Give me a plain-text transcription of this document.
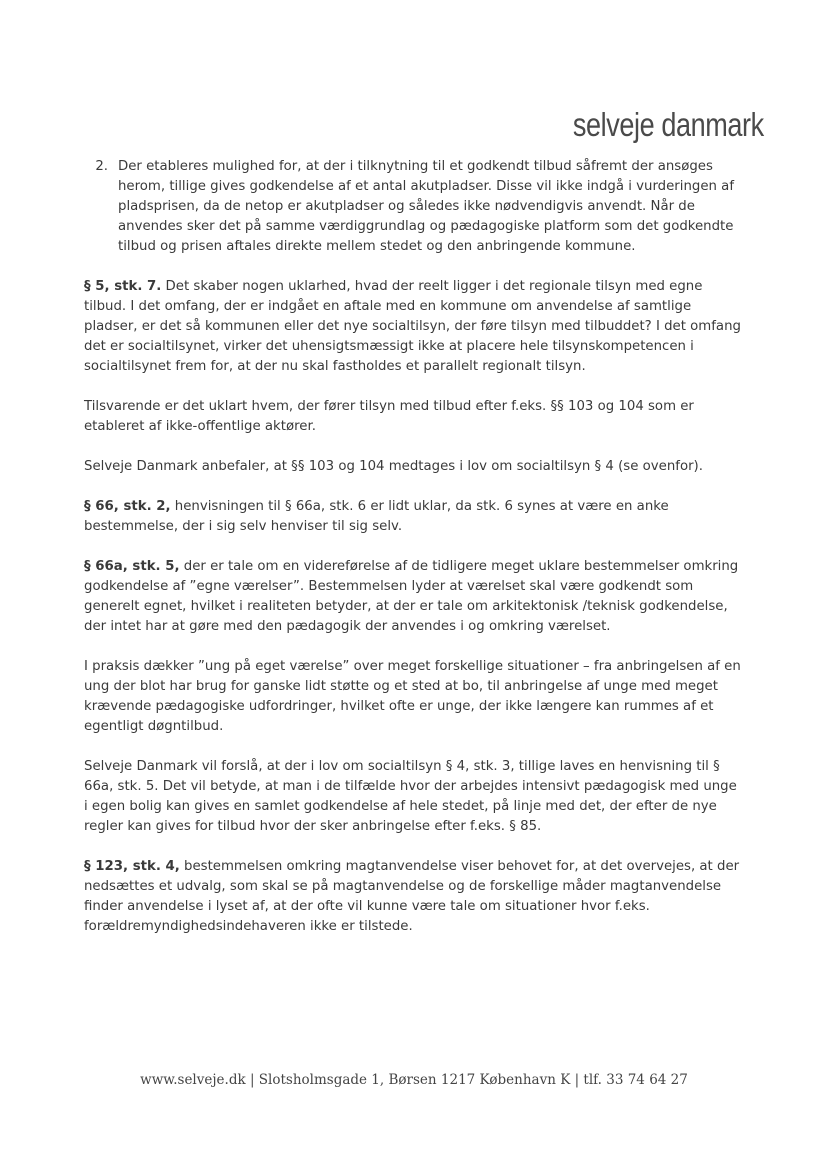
selveje danmark
2. Der etableres mulighed for, at der i tilknytning til et godkendt tilbud såfremt der ansøges herom, tillige gives godkendelse af et antal akutpladser. Disse vil ikke indgå i vurderingen af pladsprisen, da de netop er akutpladser og således ikke nødvendigvis anvendt. Når de anvendes sker det på samme værdiggrundlag og pædagogiske platform som det godkendte tilbud og prisen aftales direkte mellem stedet og den anbringende kommune.

§ 5, stk. 7. Det skaber nogen uklarhed, hvad der reelt ligger i det regionale tilsyn med egne tilbud. I det omfang, der er indgået en aftale med en kommune om anvendelse af samtlige pladser, er det så kommunen eller det nye socialtilsyn, der føre tilsyn med tilbuddet? I det omfang det er socialtilsynet, virker det uhensigtsmæssigt ikke at placere hele tilsynskompetencen i socialtilsynet frem for, at der nu skal fastholdes et parallelt regionalt tilsyn.

Tilsvarende er det uklart hvem, der fører tilsyn med tilbud efter f.eks. §§ 103 og 104 som er etableret af ikke-offentlige aktører.

Selveje Danmark anbefaler, at §§ 103 og 104 medtages i lov om socialtilsyn § 4 (se ovenfor).

§ 66, stk. 2, henvisningen til § 66a, stk. 6 er lidt uklar, da stk. 6 synes at være en anke bestemmelse, der i sig selv henviser til sig selv.

§ 66a, stk. 5, der er tale om en videreførelse af de tidligere meget uklare bestemmelser omkring godkendelse af ”egne værelser”. Bestemmelsen lyder at værelset skal være godkendt som generelt egnet, hvilket i realiteten betyder, at der er tale om arkitektonisk /teknisk godkendelse, der intet har at gøre med den pædagogik der anvendes i og omkring værelset.

I praksis dækker ”ung på eget værelse” over meget forskellige situationer – fra anbringelsen af en ung der blot har brug for ganske lidt støtte og et sted at bo, til anbringelse af unge med meget krævende pædagogiske udfordringer, hvilket ofte er unge, der ikke længere kan rummes af et egentligt døgntilbud.

Selveje Danmark vil forslå, at der i lov om socialtilsyn § 4, stk. 3, tillige laves en henvisning til § 66a, stk. 5. Det vil betyde, at man i de tilfælde hvor der arbejdes intensivt pædagogisk med unge i egen bolig kan gives en samlet godkendelse af hele stedet, på linje med det, der efter de nye regler kan gives for tilbud hvor der sker anbringelse efter f.eks. § 85.

§ 123, stk. 4, bestemmelsen omkring magtanvendelse viser behovet for, at det overvejes, at der nedsættes et udvalg, som skal se på magtanvendelse og de forskellige måder magtanvendelse finder anvendelse i lyset af, at der ofte vil kunne være tale om situationer hvor f.eks. forældremyndighedsindehaveren ikke er tilstede.

www.selveje.dk | Slotsholmsgade 1, Børsen 1217 København K | tlf. 33 74 64 27
